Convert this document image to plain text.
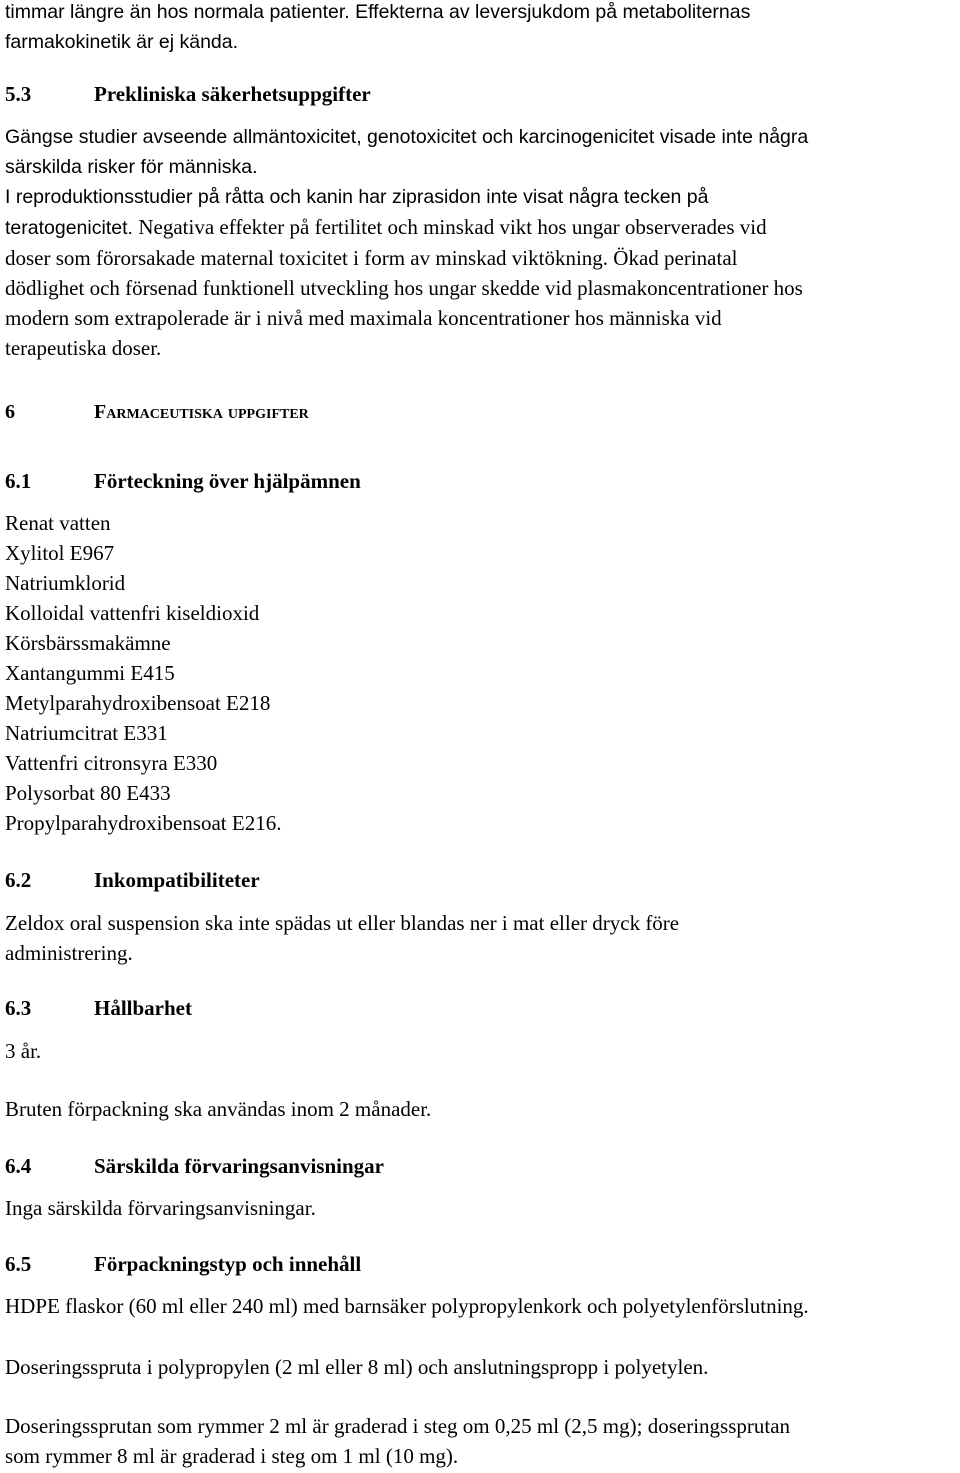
timmar längre än hos normala patienter. Effekterna av leversjukdom på metaboliternas

farmakokinetik är ej kända.

5.3	Prekliniska säkerhetsuppgifter

Gängse studier avseende allmäntoxicitet, genotoxicitet och karcinogenicitet visade inte några

särskilda risker för människa.

I reproduktionsstudier på råtta och kanin har ziprasidon inte visat några tecken på

teratogenicitet. Negativa effekter på fertilitet och minskad vikt hos ungar observerades vid

doser som förorsakade maternal toxicitet i form av minskad viktökning. Ökad perinatal

dödlighet och försenad funktionell utveckling hos ungar skedde vid plasmakoncentrationer hos

modern som extrapolerade är i nivå med maximala koncentrationer hos människa vid

terapeutiska doser.

6	Farmaceutiska uppgifter
6.1	Förteckning över hjälpämnen
Renat vatten
Xylitol E967
Natriumklorid
Kolloidal vattenfri kiseldioxid
Körsbärssmakämne
Xantangummi E415
Metylparahydroxibensoat E218
Natriumcitrat E331
Vattenfri citronsyra E330
Polysorbat 80 E433
Propylparahydroxibensoat E216.
6.2	Inkompatibiliteter

Zeldox oral suspension ska inte spädas ut eller blandas ner i mat eller dryck före

administrering.

6.3	Hållbarhet

3 år.

Bruten förpackning ska användas inom 2 månader.

6.4	Särskilda förvaringsanvisningar

Inga särskilda förvaringsanvisningar.

6.5	Förpackningstyp och innehåll

HDPE flaskor (60 ml eller 240 ml) med barnsäker polypropylenkork och polyetylenförslutning.

Doseringsspruta i polypropylen (2 ml eller 8 ml) och anslutningspropp i polyetylen.

Doseringssprutan som rymmer 2 ml är graderad i steg om 0,25 ml (2,5 mg); doseringssprutan

som rymmer 8 ml är graderad i steg om 1 ml (10 mg).
